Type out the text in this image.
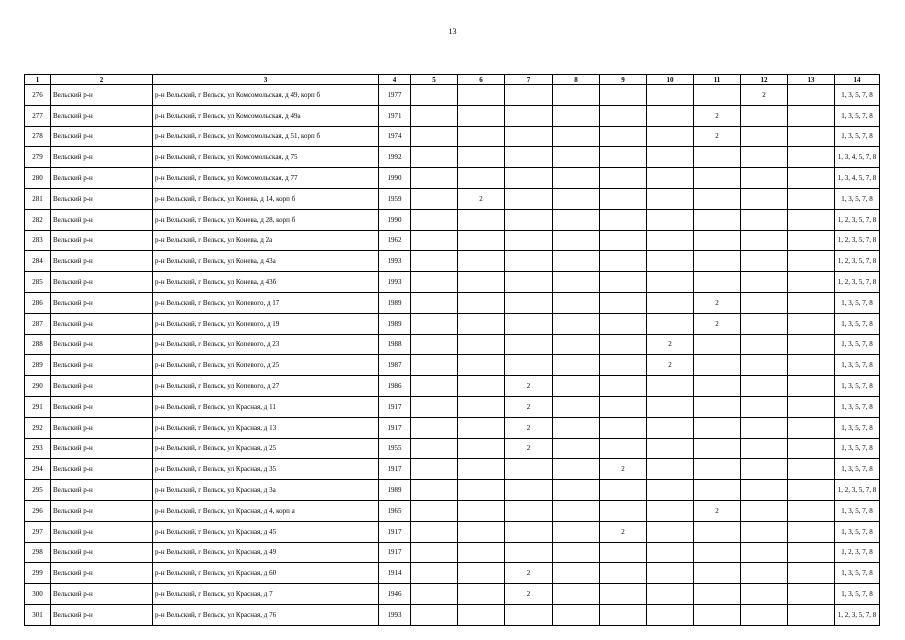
13
1	2	3	4	5	6	7	8	9	10	11	12	13	14
276	Вельский р-н	р-н Вельский, г Вельск, ул Комсомольская, д 49, корп б	1977								2		1, 3, 5, 7, 8
277	Вельский р-н	р-н Вельский, г Вельск, ул Комсомольская, д 49а	1971							2			1, 3, 5, 7, 8
278	Вельский р-н	р-н Вельский, г Вельск, ул Комсомольская, д 51, корп б	1974							2			1, 3, 5, 7, 8
279	Вельский р-н	р-н Вельский, г Вельск, ул Комсомольская, д 75	1992										1, 3, 4, 5, 7, 8
280	Вельский р-н	р-н Вельский, г Вельск, ул Комсомольская, д 77	1990										1, 3, 4, 5, 7, 8
281	Вельский р-н	р-н Вельский, г Вельск, ул Конева, д 14, корп б	1959		2								1, 3, 5, 7, 8
282	Вельский р-н	р-н Вельский, г Вельск, ул Конева, д 28, корп б	1990										1, 2, 3, 5, 7, 8
283	Вельский р-н	р-н Вельский, г Вельск, ул Конева, д 2а	1962										1, 2, 3, 5, 7, 8
284	Вельский р-н	р-н Вельский, г Вельск, ул Конева, д 43а	1993										1, 2, 3, 5, 7, 8
285	Вельский р-н	р-н Вельский, г Вельск, ул Конева, д 43б	1993										1, 2, 3, 5, 7, 8
286	Вельский р-н	р-н Вельский, г Вельск, ул Копевого, д 17	1989							2			1, 3, 5, 7, 8
287	Вельский р-н	р-н Вельский, г Вельск, ул Копевого, д 19	1989							2			1, 3, 5, 7, 8
288	Вельский р-н	р-н Вельский, г Вельск, ул Копевого, д 23	1988						2				1, 3, 5, 7, 8
289	Вельский р-н	р-н Вельский, г Вельск, ул Копевого, д 25	1987						2				1, 3, 5, 7, 8
290	Вельский р-н	р-н Вельский, г Вельск, ул Копевого, д 27	1986			2							1, 3, 5, 7, 8
291	Вельский р-н	р-н Вельский, г Вельск, ул Красная, д 11	1917			2							1, 3, 5, 7, 8
292	Вельский р-н	р-н Вельский, г Вельск, ул Красная, д 13	1917			2							1, 3, 5, 7, 8
293	Вельский р-н	р-н Вельский, г Вельск, ул Красная, д 25	1955			2							1, 3, 5, 7, 8
294	Вельский р-н	р-н Вельский, г Вельск, ул Красная, д 35	1917					2					1, 3, 5, 7, 8
295	Вельский р-н	р-н Вельский, г Вельск, ул Красная, д 3а	1989										1, 2, 3, 5, 7, 8
296	Вельский р-н	р-н Вельский, г Вельск, ул Красная, д 4, корп а	1965							2			1, 3, 5, 7, 8
297	Вельский р-н	р-н Вельский, г Вельск, ул Красная, д 45	1917					2					1, 3, 5, 7, 8
298	Вельский р-н	р-н Вельский, г Вельск, ул Красная, д 49	1917										1, 2, 3, 7, 8
299	Вельский р-н	р-н Вельский, г Вельск, ул Красная, д 60	1914			2							1, 3, 5, 7, 8
300	Вельский р-н	р-н Вельский, г Вельск, ул Красная, д 7	1946			2							1, 3, 5, 7, 8
301	Вельский р-н	р-н Вельский, г Вельск, ул Красная, д 76	1993										1, 2, 3, 5, 7, 8
